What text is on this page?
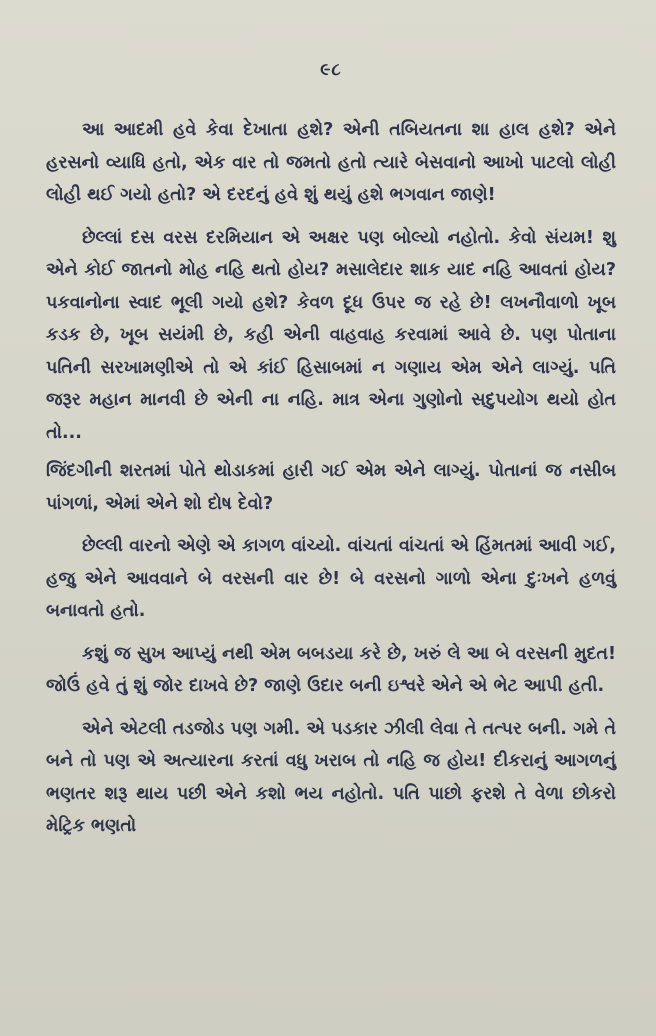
૯૮

આ આદમી હવે કેવા દેખાતા હશે? એની તબિયતના શા હાલ હશે? એને હરસનો વ્યાધિ હતો, એક વાર તો જમતો હતો ત્યારે બેસવાનો આખો પાટલો લોહી લોહી થઈ ગયો હતો? એ દરદનું હવે શું થયું હશે ભગવાન જાણે!

છેલ્લાં દસ વરસ દરમિયાન એ અક્ષર પણ બોલ્યો નહોતો. કેવો સંયમ! શુ એને કોઈ જાતનો મોહ નહિ થતો હોય? મસાલેદાર શાક યાદ નહિ આવતાં હોય? પકવાનોના સ્વાદ ભૂલી ગયો હશે? કેવળ દૂધ ઉપર જ રહે છે! લખનૌવાળો ખૂબ કડક છે, ખૂબ સયંમી છે, કહી એની વાહવાહ કરવામાં આવે છે. પણ પોતાના પતિની સરખામણીએ તો એ કાંઈ હિસાબમાં ન ગણાય એમ એને લાગ્યું. પતિ જરૂર મહાન માનવી છે એની ના નહિ. માત્ર એના ગુણોનો સદુપયોગ થયો હોત તો...

જિંદગીની શરતમાં પોતે થોડાકમાં હારી ગઈ એમ એને લાગ્યું. પોતાનાં જ નસીબ પાંગળાં, એમાં એને શો દોષ દેવો?

છેલ્લી વારનો એણે એ કાગળ વાંચ્યો. વાંચતાં વાંચતાં એ હિંમતમાં આવી ગઈ, હજુ એને આવવાને બે વરસની વાર છે! બે વરસનો ગાળો એના દુઃખને હળવું બનાવતો હતો.

કશું જ સુખ આપ્યું નથી એમ બબડયા કરે છે, ખરું લે આ બે વરસની મુદત! જોઉં હવે તું શું જોર દાખવે છે? જાણે ઉદાર બની ઇશ્વરે એને એ ભેટ આપી હતી.

એને એટલી તડજોડ પણ ગમી. એ પડકાર ઝીલી લેવા તે તત્પર બની. ગમે તે બને તો પણ એ અત્યારના કરતાં વધુ ખરાબ તો નહિ જ હોય! દીકરાનું આગળનું ભણતર શરૂ થાય પછી એને કશો ભય નહોતો. પતિ પાછો ફરશે તે વેળા છોકરો મેટ્રિક ભણતો
